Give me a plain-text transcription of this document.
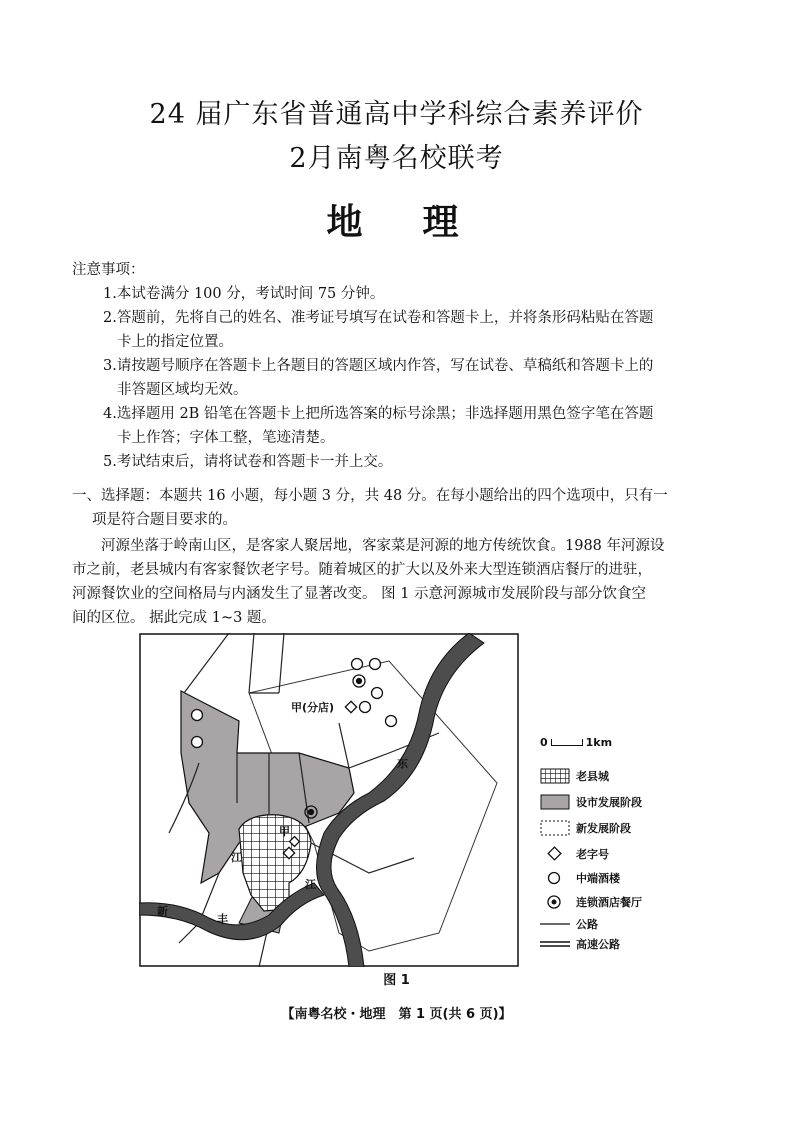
24 届广东省普通高中学科综合素养评价
2月南粤名校联考
地 理
注意事项：
1.本试卷满分 100 分，考试时间 75 分钟。
2.答题前，先将自己的姓名、准考证号填写在试卷和答题卡上，并将条形码粘贴在答题
卡上的指定位置。
3.请按题号顺序在答题卡上各题目的答题区域内作答，写在试卷、草稿纸和答题卡上的
非答题区域均无效。
4.选择题用 2B 铅笔在答题卡上把所选答案的标号涂黑；非选择题用黑色签字笔在答题
卡上作答；字体工整，笔迹清楚。
5.考试结束后，请将试卷和答题卡一并上交。
一、选择题：本题共 16 小题，每小题 3 分，共 48 分。在每小题给出的四个选项中，只有一
项是符合题目要求的。
河源坐落于岭南山区，是客家人聚居地，客家菜是河源的地方传统饮食。1988 年河源设
市之前，老县城内有客家餐饮老字号。随着城区的扩大以及外来大型连锁酒店餐厅的进驻，
河源餐饮业的空间格局与内涵发生了显著改变。 图 1 示意河源城市发展阶段与部分饮食空
间的区位。 据此完成 1~3 题。
甲(分店)
甲
新
丰
江
东
江
0	1km
老县城
设市发展阶段
新发展阶段
老字号
中端酒楼
连锁酒店餐厅
公路
高速公路
图 1
【南粤名校・地理　第 1 页(共 6 页)】
